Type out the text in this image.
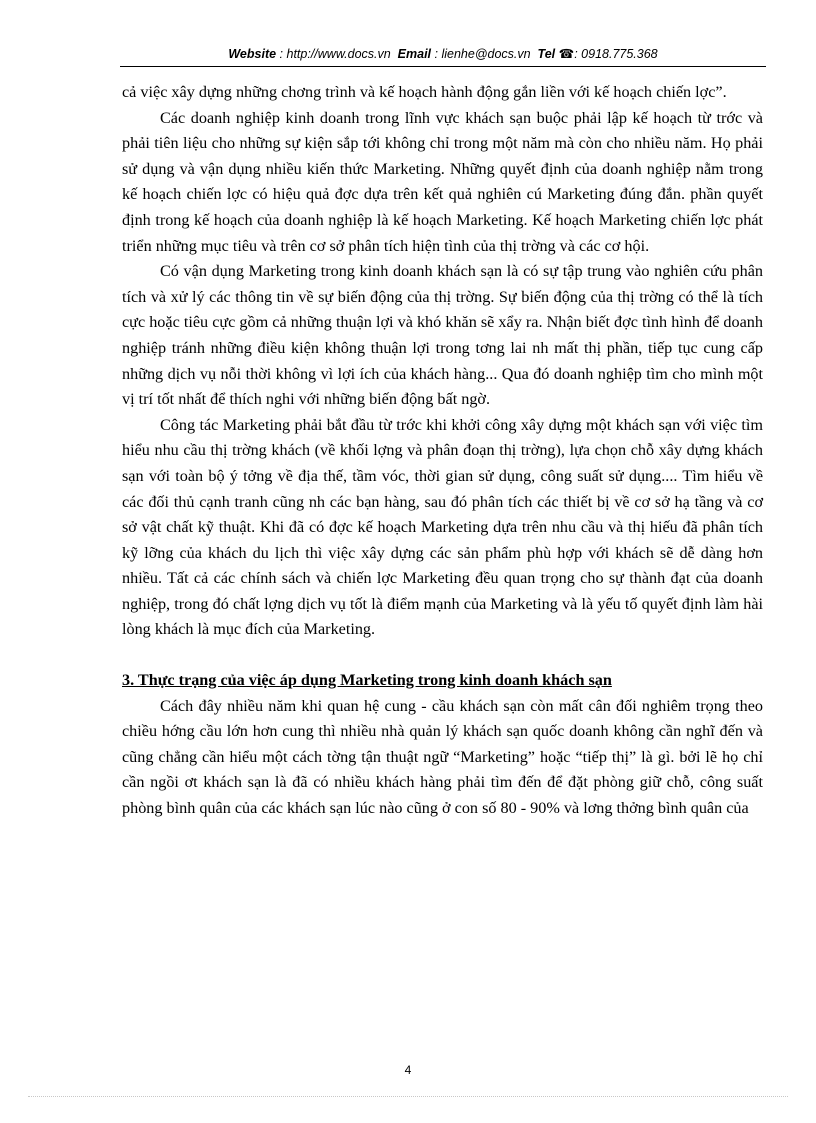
Website : http://www.docs.vn Email : lienhe@docs.vn Tel ☎: 0918.775.368

cả việc xây dựng những chơng trình và kế hoạch hành động gắn liền với kế hoạch chiến lợc”.

Các doanh nghiệp kinh doanh trong lĩnh vực khách sạn buộc phải lập kế hoạch từ trớc và phải tiên liệu cho những sự kiện sắp tới không chỉ trong một năm mà còn cho nhiều năm. Họ phải sử dụng và vận dụng nhiều kiến thức Marketing. Những quyết định của doanh nghiệp nằm trong kế hoạch chiến lợc có hiệu quả đợc dựa trên kết quả nghiên cú Marketing đúng đắn. phần quyết định trong kế hoạch của doanh nghiệp là kế hoạch Marketing. Kế hoạch Marketing chiến lợc phát triển những mục tiêu và trên cơ sở phân tích hiện tình của thị trờng và các cơ hội.

Có vận dụng Marketing trong kinh doanh khách sạn là có sự tập trung vào nghiên cứu phân tích và xử lý các thông tin về sự biến động của thị trờng. Sự biến động của thị trờng có thể là tích cực hoặc tiêu cực gồm cả những thuận lợi và khó khăn sẽ xẩy ra. Nhận biết đợc tình hình để doanh nghiệp tránh những điều kiện không thuận lợi trong tơng lai nh mất thị phần, tiếp tục cung cấp những dịch vụ nỗi thời không vì lợi ích của khách hàng... Qua đó doanh nghiệp tìm cho mình một vị trí tốt nhất để thích nghi với những biến động bất ngờ.

Công tác Marketing phải bắt đầu từ trớc khi khởi công xây dựng một khách sạn với việc tìm hiểu nhu cầu thị trờng khách (về khối lợng và phân đoạn thị trờng), lựa chọn chỗ xây dựng khách sạn với toàn bộ ý tởng về địa thế, tầm vóc, thời gian sử dụng, công suất sử dụng.... Tìm hiểu về các đối thủ cạnh tranh cũng nh các bạn hàng, sau đó phân tích các thiết bị về cơ sở hạ tầng và cơ sở vật chất kỹ thuật. Khi đã có đợc kế hoạch Marketing dựa trên nhu cầu và thị hiếu đã phân tích kỹ lỡng của khách du lịch thì việc xây dựng các sản phẩm phù hợp với khách sẽ dễ dàng hơn nhiều. Tất cả các chính sách và chiến lợc Marketing đều quan trọng cho sự thành đạt của doanh nghiệp, trong đó chất lợng dịch vụ tốt là điểm mạnh của Marketing và là yếu tố quyết định làm hài lòng khách là mục đích của Marketing.

3. Thực trạng của việc áp dụng Marketing trong kinh doanh khách sạn

Cách đây nhiều năm khi quan hệ cung - cầu khách sạn còn mất cân đối nghiêm trọng theo chiều hớng cầu lớn hơn cung thì nhiều nhà quản lý khách sạn quốc doanh không cần nghĩ đến và cũng chẳng cần hiểu một cách tờng tận thuật ngữ “Marketing” hoặc “tiếp thị” là gì. bởi lẽ họ chỉ cần ngồi ơt khách sạn là đã có nhiều khách hàng phải tìm đến để đặt phòng giữ chỗ, công suất phòng bình quân của các khách sạn lúc nào cũng ở con số 80 - 90% và lơng thởng bình quân của

4
